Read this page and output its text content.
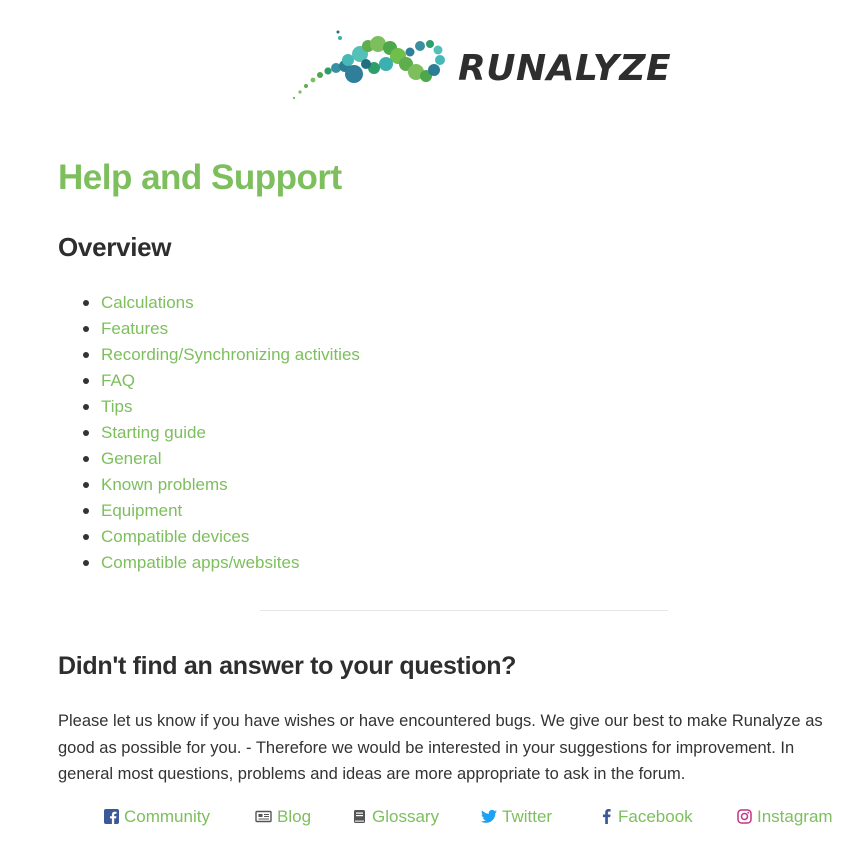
RUNALYZE
Help and Support
Overview
Calculations
Features
Recording/Synchronizing activities
FAQ
Tips
Starting guide
General
Known problems
Equipment
Compatible devices
Compatible apps/websites
Didn't find an answer to your question?

Please let us know if you have wishes or have encountered bugs. We give our best to make Runalyze as good as possible for you. - Therefore we would be interested in your suggestions for improvement. In general most questions, problems and ideas are more appropriate to ask in the forum.

Community	Blog	Glossary	Twitter	Facebook	Instagram
